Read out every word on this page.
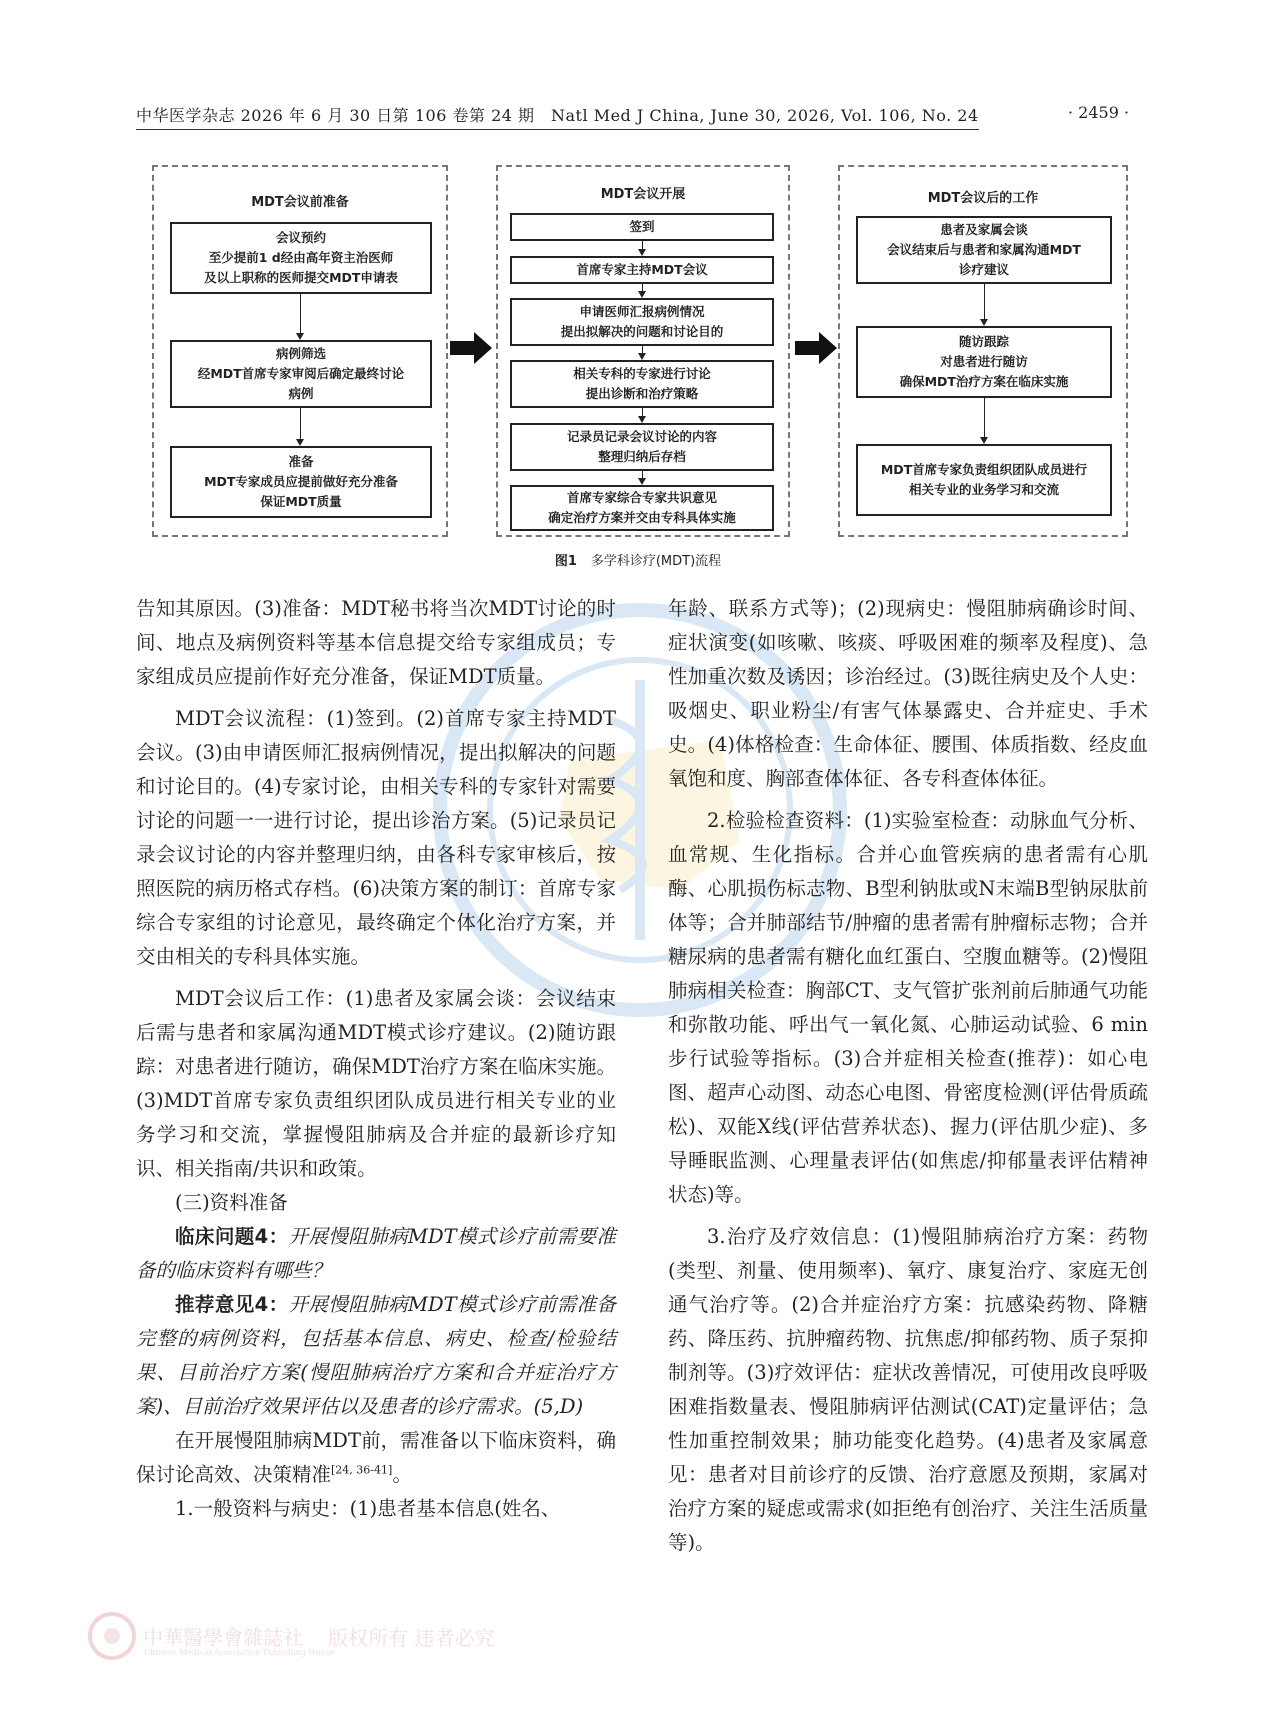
中华医学杂志 2026 年 6 月 30 日第 106 卷第 24 期　Natl Med J China, June 30, 2026, Vol. 106, No. 24	· 2459 ·
MDT会议前准备
会议预约
至少提前1 d经由高年资主治医师
及以上职称的医师提交MDT申请表
病例筛选
经MDT首席专家审阅后确定最终讨论
病例
准备
MDT专家成员应提前做好充分准备
保证MDT质量
MDT会议开展
签到
首席专家主持MDT会议
申请医师汇报病例情况
提出拟解决的问题和讨论目的
相关专科的专家进行讨论
提出诊断和治疗策略
记录员记录会议讨论的内容
整理归纳后存档
首席专家综合专家共识意见
确定治疗方案并交由专科具体实施
MDT会议后的工作
患者及家属会谈
会议结束后与患者和家属沟通MDT
诊疗建议
随访跟踪
对患者进行随访
确保MDT治疗方案在临床实施
MDT首席专家负责组织团队成员进行
相关专业的业务学习和交流
图1 多学科诊疗(MDT)流程

告知其原因。(3)准备：MDT秘书将当次MDT讨论的时间、地点及病例资料等基本信息提交给专家组成员；专家组成员应提前作好充分准备，保证MDT质量。

MDT会议流程：(1)签到。(2)首席专家主持MDT会议。(3)由申请医师汇报病例情况，提出拟解决的问题和讨论目的。(4)专家讨论，由相关专科的专家针对需要讨论的问题一一进行讨论，提出诊治方案。(5)记录员记录会议讨论的内容并整理归纳，由各科专家审核后，按照医院的病历格式存档。(6)决策方案的制订：首席专家综合专家组的讨论意见，最终确定个体化治疗方案，并交由相关的专科具体实施。

MDT会议后工作：(1)患者及家属会谈：会议结束后需与患者和家属沟通MDT模式诊疗建议。(2)随访跟踪：对患者进行随访，确保MDT治疗方案在临床实施。(3)MDT首席专家负责组织团队成员进行相关专业的业务学习和交流，掌握慢阻肺病及合并症的最新诊疗知识、相关指南/共识和政策。

(三)资料准备

临床问题4：开展慢阻肺病MDT模式诊疗前需要准备的临床资料有哪些？

推荐意见4：开展慢阻肺病MDT模式诊疗前需准备完整的病例资料，包括基本信息、病史、检查/检验结果、目前治疗方案(慢阻肺病治疗方案和合并症治疗方案)、目前治疗效果评估以及患者的诊疗需求。(5,D)

在开展慢阻肺病MDT前，需准备以下临床资料，确保讨论高效、决策精准[24, 36-41]。

1.一般资料与病史：(1)患者基本信息(姓名、

年龄、联系方式等)；(2)现病史：慢阻肺病确诊时间、症状演变(如咳嗽、咳痰、呼吸困难的频率及程度)、急性加重次数及诱因；诊治经过。(3)既往病史及个人史：吸烟史、职业粉尘/有害气体暴露史、合并症史、手术史。(4)体格检查：生命体征、腰围、体质指数、经皮血氧饱和度、胸部查体体征、各专科查体体征。

2.检验检查资料：(1)实验室检查：动脉血气分析、血常规、生化指标。合并心血管疾病的患者需有心肌酶、心肌损伤标志物、B型利钠肽或N末端B型钠尿肽前体等；合并肺部结节/肿瘤的患者需有肿瘤标志物；合并糖尿病的患者需有糖化血红蛋白、空腹血糖等。(2)慢阻肺病相关检查：胸部CT、支气管扩张剂前后肺通气功能和弥散功能、呼出气一氧化氮、心肺运动试验、6 min步行试验等指标。(3)合并症相关检查(推荐)：如心电图、超声心动图、动态心电图、骨密度检测(评估骨质疏松)、双能X线(评估营养状态)、握力(评估肌少症)、多导睡眠监测、心理量表评估(如焦虑/抑郁量表评估精神状态)等。

3.治疗及疗效信息：(1)慢阻肺病治疗方案：药物(类型、剂量、使用频率)、氧疗、康复治疗、家庭无创通气治疗等。(2)合并症治疗方案：抗感染药物、降糖药、降压药、抗肿瘤药物、抗焦虑/抑郁药物、质子泵抑制剂等。(3)疗效评估：症状改善情况，可使用改良呼吸困难指数量表、慢阻肺病评估测试(CAT)定量评估；急性加重控制效果；肺功能变化趋势。(4)患者及家属意见：患者对目前诊疗的反馈、治疗意愿及预期，家属对治疗方案的疑虑或需求(如拒绝有创治疗、关注生活质量等)。

中華醫學會雜誌社 版权所有 违者必究
Chinese Medical Association Publishing House
